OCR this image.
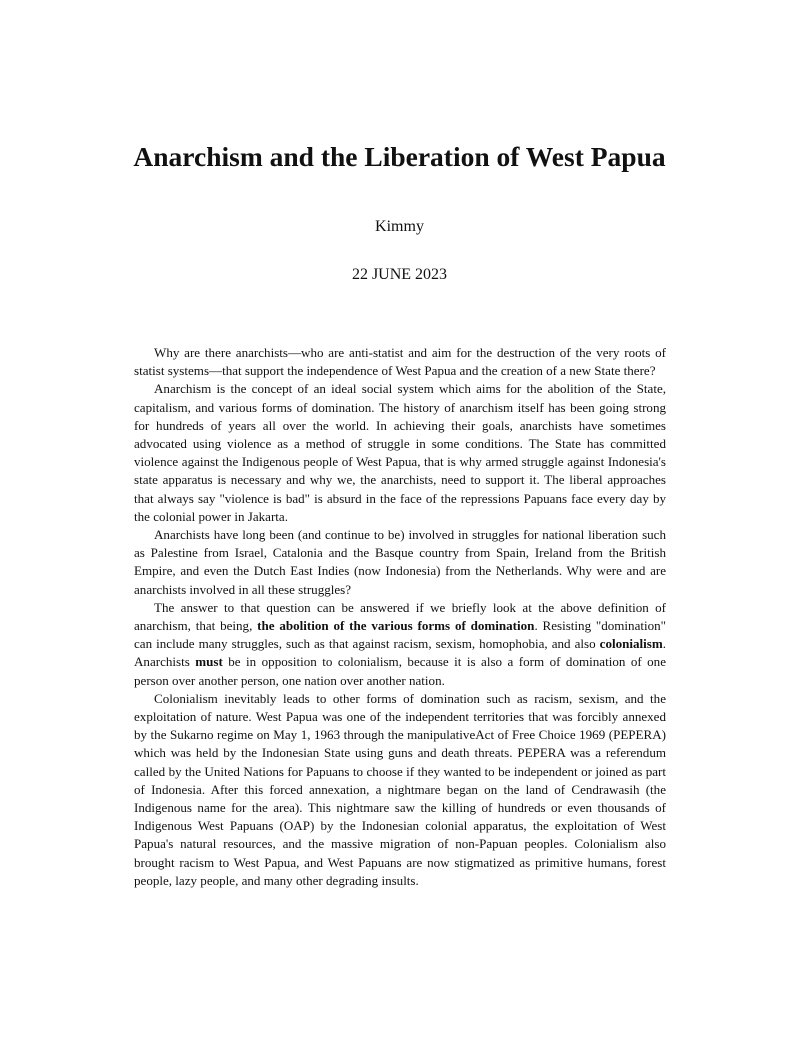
Anarchism and the Liberation of West Papua
Kimmy
22 JUNE 2023

Why are there anarchists—who are anti-statist and aim for the destruction of the very roots of statist systems—that support the independence of West Papua and the creation of a new State there?

Anarchism is the concept of an ideal social system which aims for the abolition of the State, capitalism, and various forms of domination. The history of anarchism itself has been going strong for hundreds of years all over the world. In achieving their goals, anarchists have sometimes advocated using violence as a method of struggle in some conditions. The State has committed violence against the Indigenous people of West Papua, that is why armed struggle against Indonesia's state apparatus is necessary and why we, the anarchists, need to support it. The liberal approaches that always say "violence is bad" is absurd in the face of the repressions Papuans face every day by the colonial power in Jakarta.

Anarchists have long been (and continue to be) involved in struggles for national liberation such as Palestine from Israel, Catalonia and the Basque country from Spain, Ireland from the British Empire, and even the Dutch East Indies (now Indonesia) from the Netherlands. Why were and are anarchists involved in all these struggles?

The answer to that question can be answered if we briefly look at the above definition of anarchism, that being, the abolition of the various forms of domination. Resisting "domination" can include many struggles, such as that against racism, sexism, homophobia, and also colonialism. Anarchists must be in opposition to colonialism, because it is also a form of domination of one person over another person, one nation over another nation.

Colonialism inevitably leads to other forms of domination such as racism, sexism, and the exploitation of nature. West Papua was one of the independent territories that was forcibly annexed by the Sukarno regime on May 1, 1963 through the manipulativeAct of Free Choice 1969 (PEPERA) which was held by the Indonesian State using guns and death threats. PEPERA was a referendum called by the United Nations for Papuans to choose if they wanted to be independent or joined as part of Indonesia. After this forced annexation, a nightmare began on the land of Cendrawasih (the Indigenous name for the area). This nightmare saw the killing of hundreds or even thousands of Indigenous West Papuans (OAP) by the Indonesian colonial apparatus, the exploitation of West Papua's natural resources, and the massive migration of non-Papuan peoples. Colonialism also brought racism to West Papua, and West Papuans are now stigmatized as primitive humans, forest people, lazy people, and many other degrading insults.
